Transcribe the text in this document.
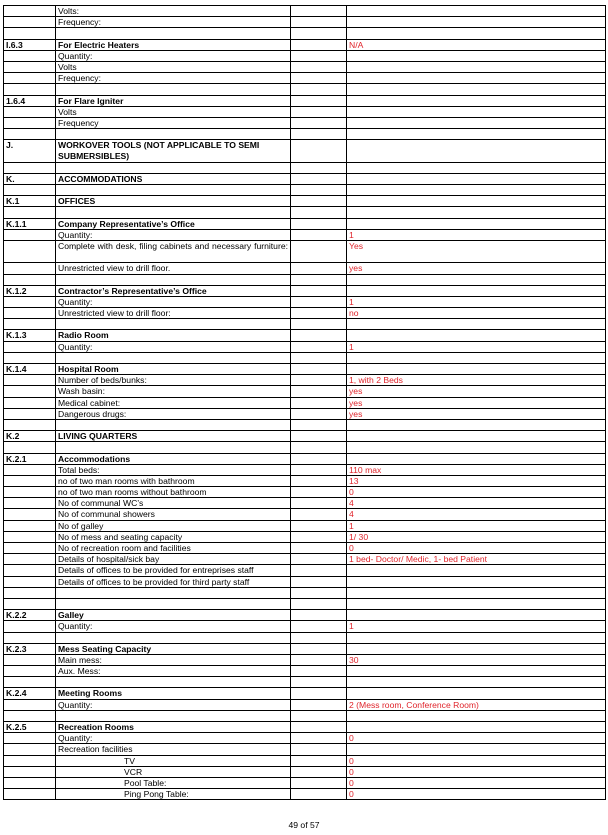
Volts:
Frequency:
I.6.3	For Electric Heaters	N/A
Quantity:
Volts
Frequency:
1.6.4	For Flare Igniter
Volts
Frequency
J.	WORKOVER TOOLS (NOT APPLICABLE TO SEMI SUBMERSIBLES)
K.	ACCOMMODATIONS
K.1	OFFICES
K.1.1	Company Representative’s Office
Quantity:	1
Complete with desk, filing cabinets and necessary furniture:	Yes
Unrestricted view to drill floor.	yes
K.1.2	Contractor’s Representative’s Office
Quantity:	1
Unrestricted view to drill floor:	no
K.1.3	Radio Room
Quantity:	1
K.1.4	Hospital Room
Number of beds/bunks:	1, with 2 Beds
Wash basin:	yes
Medical cabinet:	yes
Dangerous drugs:	yes
K.2	LIVING QUARTERS
K.2.1	Accommodations
Total beds:	110 max
no of two man rooms with bathroom	13
no of two man rooms without bathroom	0
No of communal WC’s	4
No of communal showers	4
No of galley	1
No of mess and seating capacity	1/ 30
No of recreation room and facilities	0
Details of hospital/sick bay	1 bed- Doctor/ Medic, 1- bed Patient
Details of offices to be provided for entreprises staff
Details of offices to be provided for third party staff
K.2.2	Galley
Quantity:	1
K.2.3	Mess Seating Capacity
Main mess:	30
Aux. Mess:
K.2.4	Meeting Rooms
Quantity:	2 (Mess room, Conference Room)
K.2.5	Recreation Rooms
Quantity:	0
Recreation facilities
TV	0
VCR	0
Pool Table:	0
Ping Pong Table:	0
49 of 57
